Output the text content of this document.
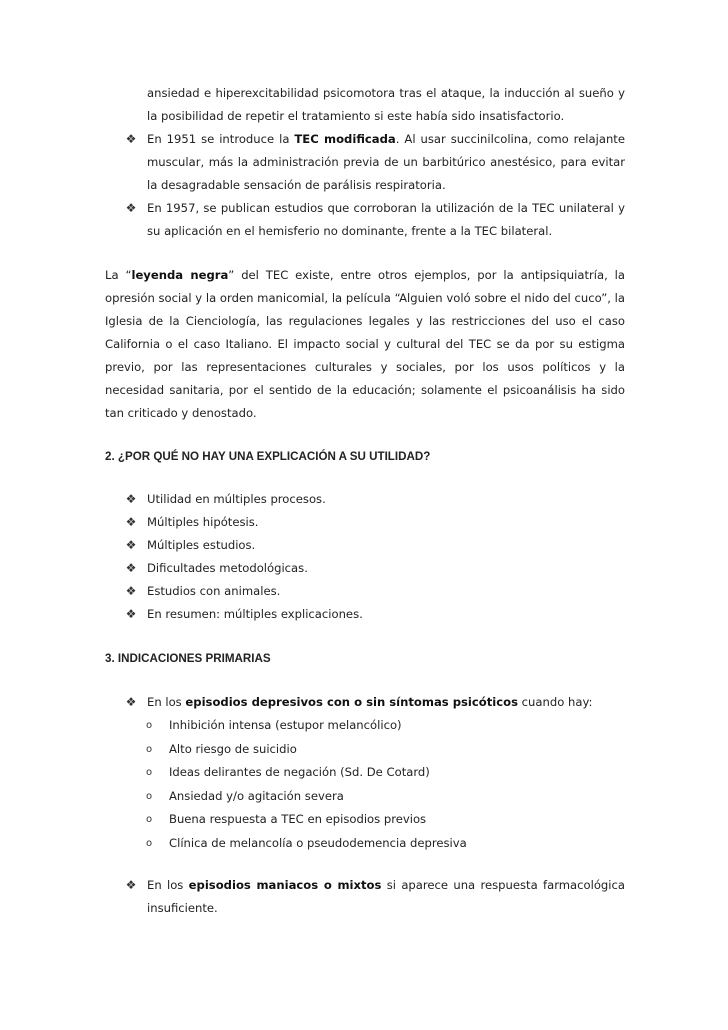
ansiedad e hiperexcitabilidad psicomotora tras el ataque, la inducción al sueño y la posibilidad de repetir el tratamiento si este había sido insatisfactorio.
❖ En 1951 se introduce la TEC modificada. Al usar succinilcolina, como relajante muscular, más la administración previa de un barbitúrico anestésico, para evitar la desagradable sensación de parálisis respiratoria.
❖ En 1957, se publican estudios que corroboran la utilización de la TEC unilateral y su aplicación en el hemisferio no dominante, frente a la TEC bilateral.

La “leyenda negra” del TEC existe, entre otros ejemplos, por la antipsiquiatría, la opresión social y la orden manicomial, la película “Alguien voló sobre el nido del cuco”, la Iglesia de la Cienciología, las regulaciones legales y las restricciones del uso el caso California o el caso Italiano. El impacto social y cultural del TEC se da por su estigma previo, por las representaciones culturales y sociales, por los usos políticos y la necesidad sanitaria, por el sentido de la educación; solamente el psicoanálisis ha sido tan criticado y denostado.

2. ¿POR QUÉ NO HAY UNA EXPLICACIÓN A SU UTILIDAD?
❖ Utilidad en múltiples procesos.
❖ Múltiples hipótesis.
❖ Múltiples estudios.
❖ Dificultades metodológicas.
❖ Estudios con animales.
❖ En resumen: múltiples explicaciones.
3. INDICACIONES PRIMARIAS
❖ En los episodios depresivos con o sin síntomas psicóticos cuando hay:
o Inhibición intensa (estupor melancólico)
o Alto riesgo de suicidio
o Ideas delirantes de negación (Sd. De Cotard)
o Ansiedad y/o agitación severa
o Buena respuesta a TEC en episodios previos
o Clínica de melancolía o pseudodemencia depresiva
❖ En los episodios maniacos o mixtos si aparece una respuesta farmacológica insuficiente.
